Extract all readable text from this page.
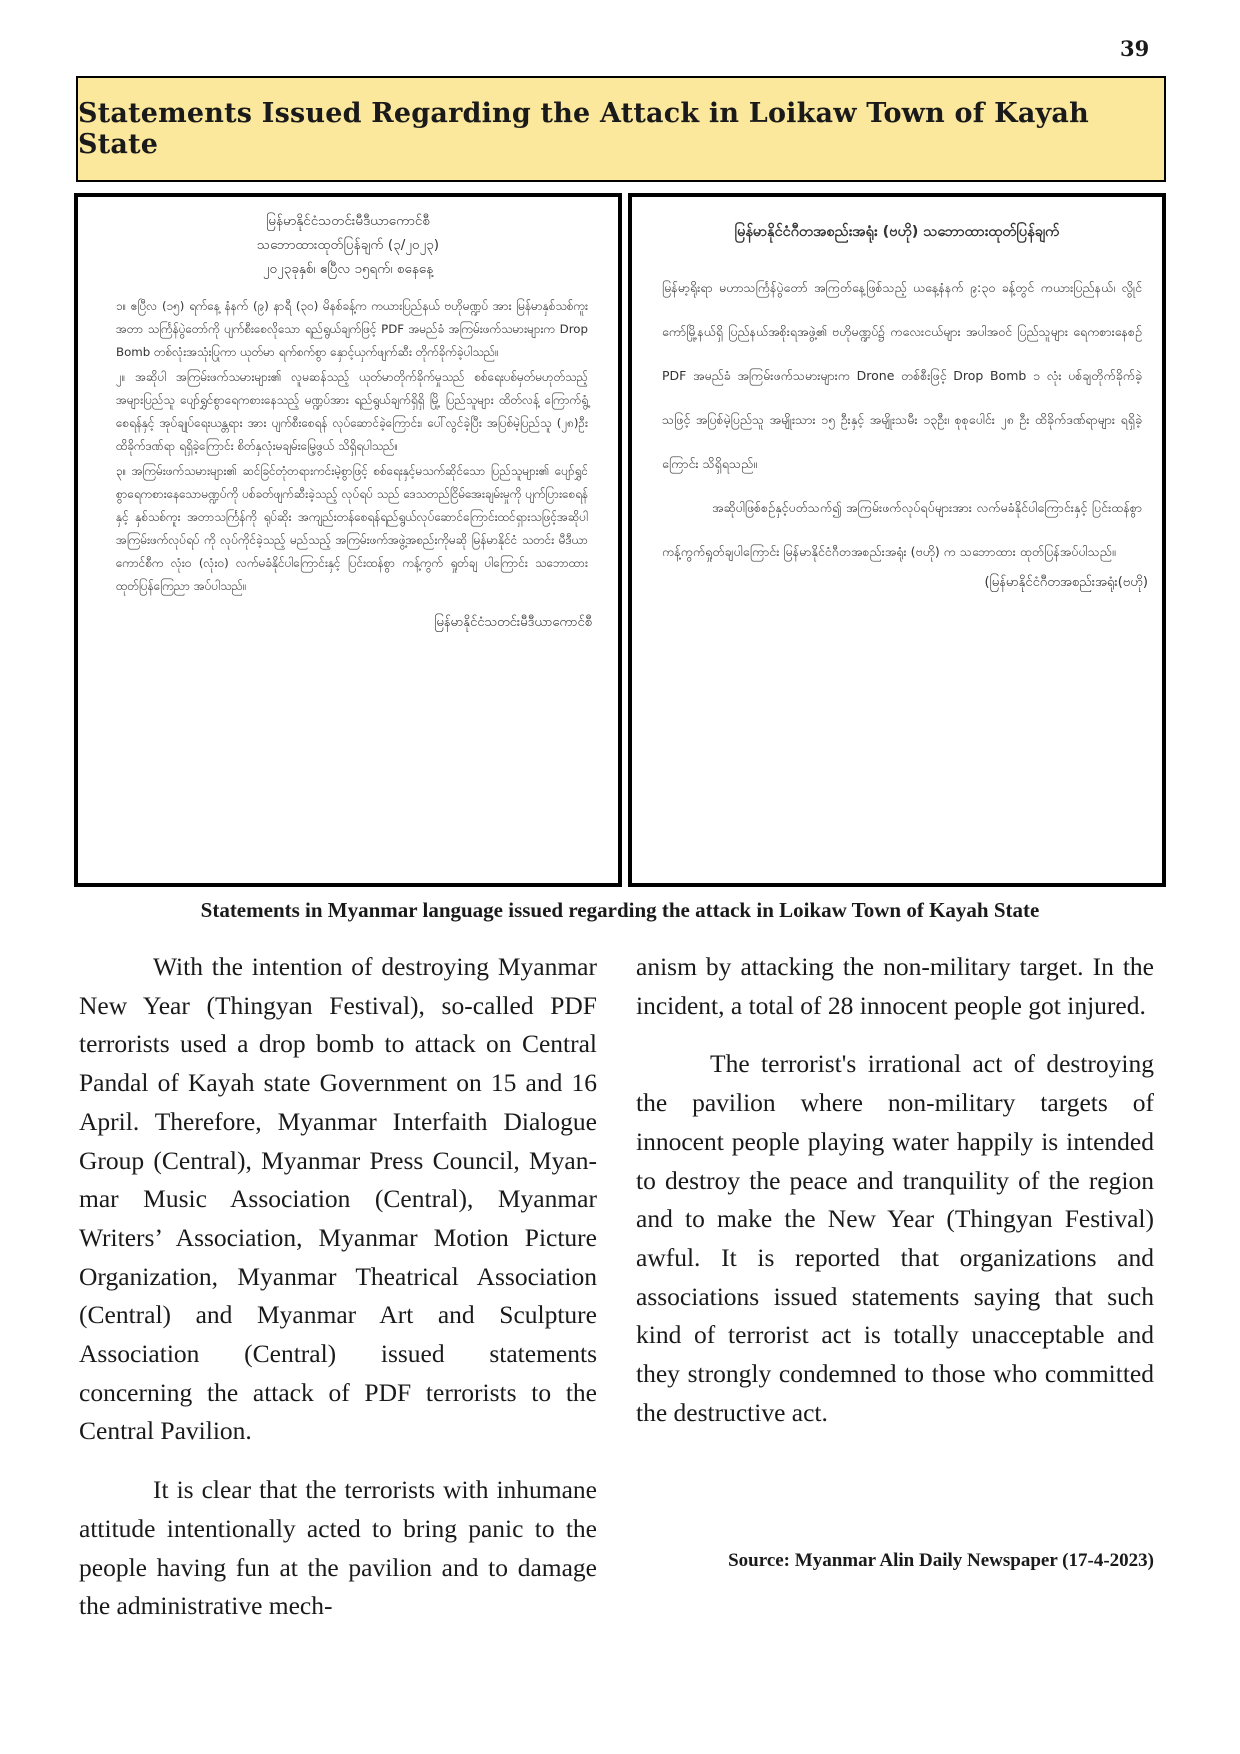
39
Statements Issued Regarding the Attack in Loikaw Town of Kayah State
မြန်မာနိုင်ငံသတင်းမီဒီယာကောင်စီ
သဘောထားထုတ်ပြန်ချက် (၃/၂၀၂၃)
၂၀၂၃ခုနှစ်၊ ဧပြီလ ၁၅ရက်၊ စနေနေ့

၁။ ဧပြီလ (၁၅) ရက်နေ့ နံနက် (၉) နာရီ (၃၀) မိနစ်ခန့်က ကယားပြည်နယ် ဗဟိုမဏ္ဍပ် အား မြန်မာနှစ်သစ်ကူး အတာ သင်္ကြန်ပွဲတော်ကို ပျက်စီးစေလိုသော ရည်ရွယ်ချက်ဖြင့် PDF အမည်ခံ အကြမ်းဖက်သမားများက Drop Bomb တစ်လုံးအသုံးပြုကာ ယုတ်မာ ရက်စက်စွာ နှောင့်ယှက်ဖျက်ဆီး တိုက်ခိုက်ခဲ့ပါသည်။

၂။ အဆိုပါ အကြမ်းဖက်သမားများ၏ လူမဆန်သည့် ယုတ်မာတိုက်ခိုက်မှုသည် စစ်ရေးပစ်မှတ်မဟုတ်သည့် အများပြည်သူ ပျော်ရွှင်စွာရေကစားနေသည့် မဏ္ဍပ်အား ရည်ရွယ်ချက်ရှိရှိ မြို့ ပြည်သူများ ထိတ်လန့် ကြောက်ရွံ့စေရန်နှင့် အုပ်ချုပ်ရေးယန္တရား အား ပျက်စီးစေရန် လုပ်ဆောင်ခဲ့ကြောင်း၊ ပေါ်လွင်ခဲ့ပြီး အပြစ်မဲ့ပြည်သူ (၂၈)ဦး ထိခိုက်ဒဏ်ရာ ရရှိခဲ့ကြောင်း စိတ်နှလုံးမချမ်းမြေ့ဖွယ် သိရှိရပါသည်။

၃။ အကြမ်းဖက်သမားများ၏ ဆင်ခြင်တုံတရားကင်းမဲ့စွာဖြင့် စစ်ရေးနှင့်မသက်ဆိုင်သော ပြည်သူများ၏ ပျော်ရွှင်စွာရေကစားနေသောမဏ္ဍပ်ကို ပစ်ခတ်ဖျက်ဆီးခဲ့သည့် လုပ်ရပ် သည် ဒေသတည်ငြိမ်အေးချမ်းမှုကို ပျက်ပြားစေရန်နှင့် နှစ်သစ်ကူး အတာသင်္ကြန်ကို ရုပ်ဆိုး အကျည်းတန်စေရန်ရည်ရွယ်လုပ်ဆောင်ကြောင်းထင်ရှားသဖြင့်အဆိုပါအကြမ်းဖက်လုပ်ရပ် ကို လုပ်ကိုင်ခဲ့သည့် မည်သည့် အကြမ်းဖက်အဖွဲ့အစည်းကိုမဆို မြန်မာနိုင်ငံ သတင်း မီဒီယာကောင်စီက လုံး၀ (လုံး၀) လက်မခံနိုင်ပါကြောင်းနှင့် ပြင်းထန်စွာ ကန့်ကွက် ရှုတ်ချ ပါကြောင်း သဘောထားထုတ်ပြန်ကြေညာ အပ်ပါသည်။

မြန်မာနိုင်ငံသတင်းမီဒီယာကောင်စီ
မြန်မာနိုင်ငံဂီတအစည်းအရုံး (ဗဟို) သဘောထားထုတ်ပြန်ချက်

မြန်မာ့ရိုးရာ မဟာသင်္ကြန်ပွဲတော် အကြတ်နေ့ဖြစ်သည့် ယနေ့နံနက် ၉:၃၀ ခန့်တွင် ကယားပြည်နယ်၊ လွိုင်ကော်မြို့နယ်ရှိ ပြည်နယ်အစိုးရအဖွဲ့၏ ဗဟိုမဏ္ဍပ်၌ ကလေးငယ်များ အပါအဝင် ပြည်သူများ ရေကစားနေစဉ် PDF အမည်ခံ အကြမ်းဖက်သမားများက Drone တစ်စီးဖြင့် Drop Bomb ၁ လုံး ပစ်ချတိုက်ခိုက်ခဲ့သဖြင့် အပြစ်မဲ့ပြည်သူ အမျိုးသား ၁၅ ဦးနှင့် အမျိုးသမီး ၁၃ဦး၊ စုစုပေါင်း ၂၈ ဦး ထိခိုက်ဒဏ်ရာများ ရရှိခဲ့ကြောင်း သိရှိရသည်။

အဆိုပါဖြစ်စဉ်နှင့်ပတ်သက်၍ အကြမ်းဖက်လုပ်ရပ်များအား လက်မခံနိုင်ပါကြောင်းနှင့် ပြင်းထန်စွာ ကန့်ကွက်ရှုတ်ချပါကြောင်း မြန်မာနိုင်ငံဂီတအစည်းအရုံး (ဗဟို) က သဘောထား ထုတ်ပြန်အပ်ပါသည်။

(မြန်မာနိုင်ငံဂီတအစည်းအရုံး(ဗဟို)
Statements in Myanmar language issued regarding the attack in Loikaw Town of Kayah State

With the intention of destroying Myanmar New Year (Thingyan Festival), so-called PDF terrorists used a drop bomb to attack on Central Pandal of Kayah state Government on 15 and 16 April. Therefore, Myanmar Interfaith Dialogue Group (Central), Myanmar Press Council, Myanmar Music Association (Central), Myanmar Writers’ Association, Myanmar Motion Picture Organization, Myanmar Theatrical Association (Central) and Myanmar Art and Sculpture Association (Central) issued statements concerning the attack of PDF terrorists to the Central Pavilion.

It is clear that the terrorists with inhumane attitude intentionally acted to bring panic to the people having fun at the pavilion and to damage the administrative mech-

anism by attacking the non-military target. In the incident, a total of 28 innocent people got injured.

The terrorist's irrational act of destroying the pavilion where non-military targets of innocent people playing water happily is intended to destroy the peace and tranquility of the region and to make the New Year (Thingyan Festival) awful. It is reported that organizations and associations issued statements saying that such kind of terrorist act is totally unacceptable and they strongly condemned to those who committed the destructive act.

Source: Myanmar Alin Daily Newspaper (17-4-2023)
